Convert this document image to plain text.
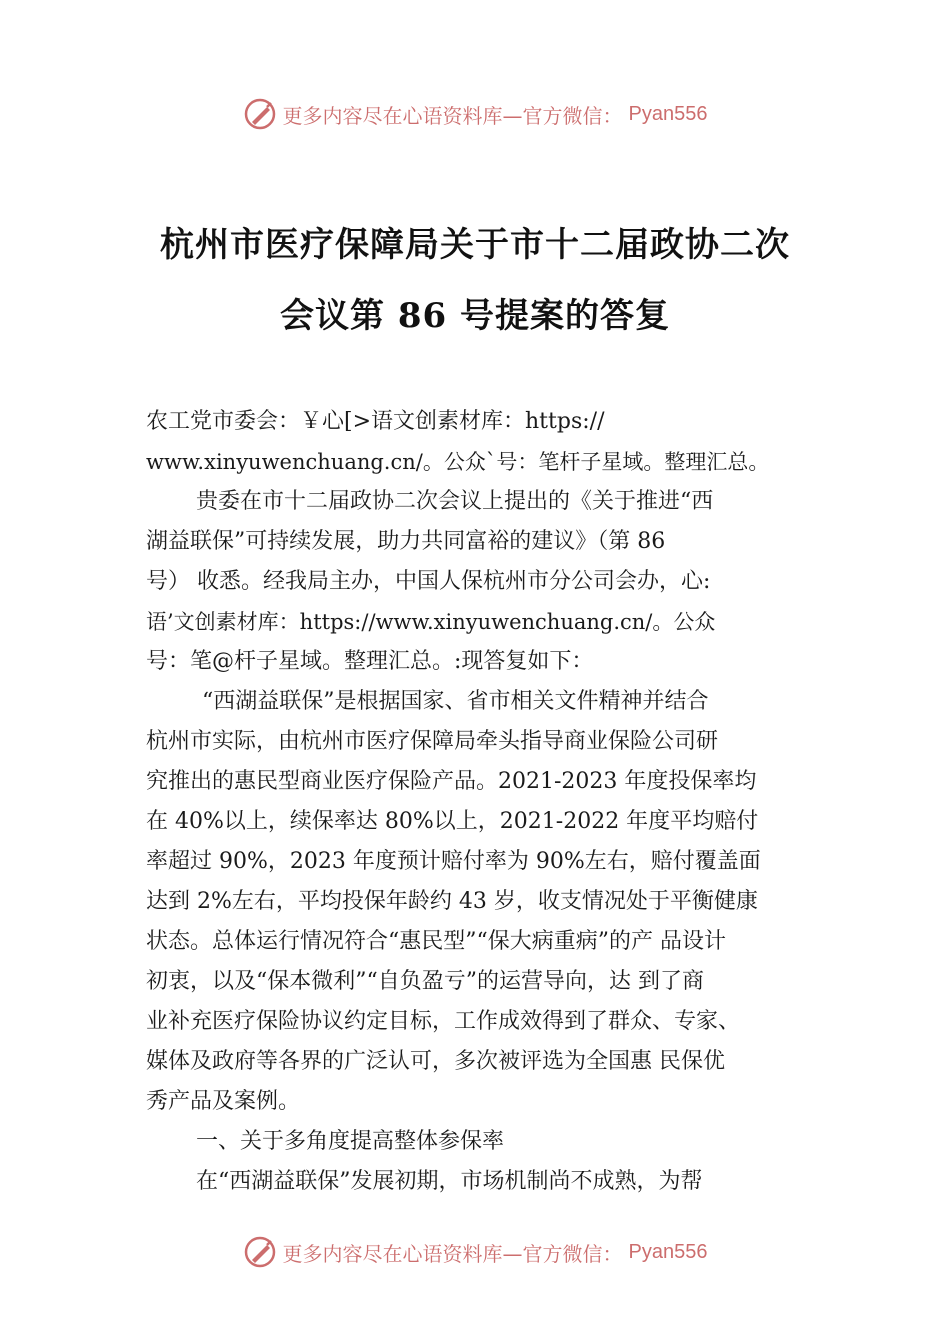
更多内容尽在心语资料库—官方微信： Pyan556
杭州市医疗保障局关于市十二届政协二次
会议第 86 号提案的答复
农工党市委会：￥心[>语文创素材库：https://
www.xinyuwenchuang.cn/。公众`号：笔杆子星域。整理汇总。
贵委在市十二届政协二次会议上提出的《关于推进“西
湖益联保”可持续发展，助力共同富裕的建议》（第 86
号） 收悉。经我局主办，中国人保杭州市分公司会办，心:
语’文创素材库：https://www.xinyuwenchuang.cn/。公众
号：笔@杆子星域。整理汇总。:现答复如下：
“西湖益联保”是根据国家、省市相关文件精神并结合
杭州市实际，由杭州市医疗保障局牵头指导商业保险公司研
究推出的惠民型商业医疗保险产品。2021-2023 年度投保率均
在 40%以上，续保率达 80%以上，2021-2022 年度平均赔付
率超过 90%，2023 年度预计赔付率为 90%左右，赔付覆盖面
达到 2%左右，平均投保年龄约 43 岁，收支情况处于平衡健康
状态。总体运行情况符合“惠民型”“保大病重病”的产 品设计
初衷，以及“保本微利”“自负盈亏”的运营导向，达 到了商
业补充医疗保险协议约定目标，工作成效得到了群众、专家、
媒体及政府等各界的广泛认可，多次被评选为全国惠 民保优
秀产品及案例。
一、关于多角度提高整体参保率
在“西湖益联保”发展初期，市场机制尚不成熟，为帮
更多内容尽在心语资料库—官方微信： Pyan556
